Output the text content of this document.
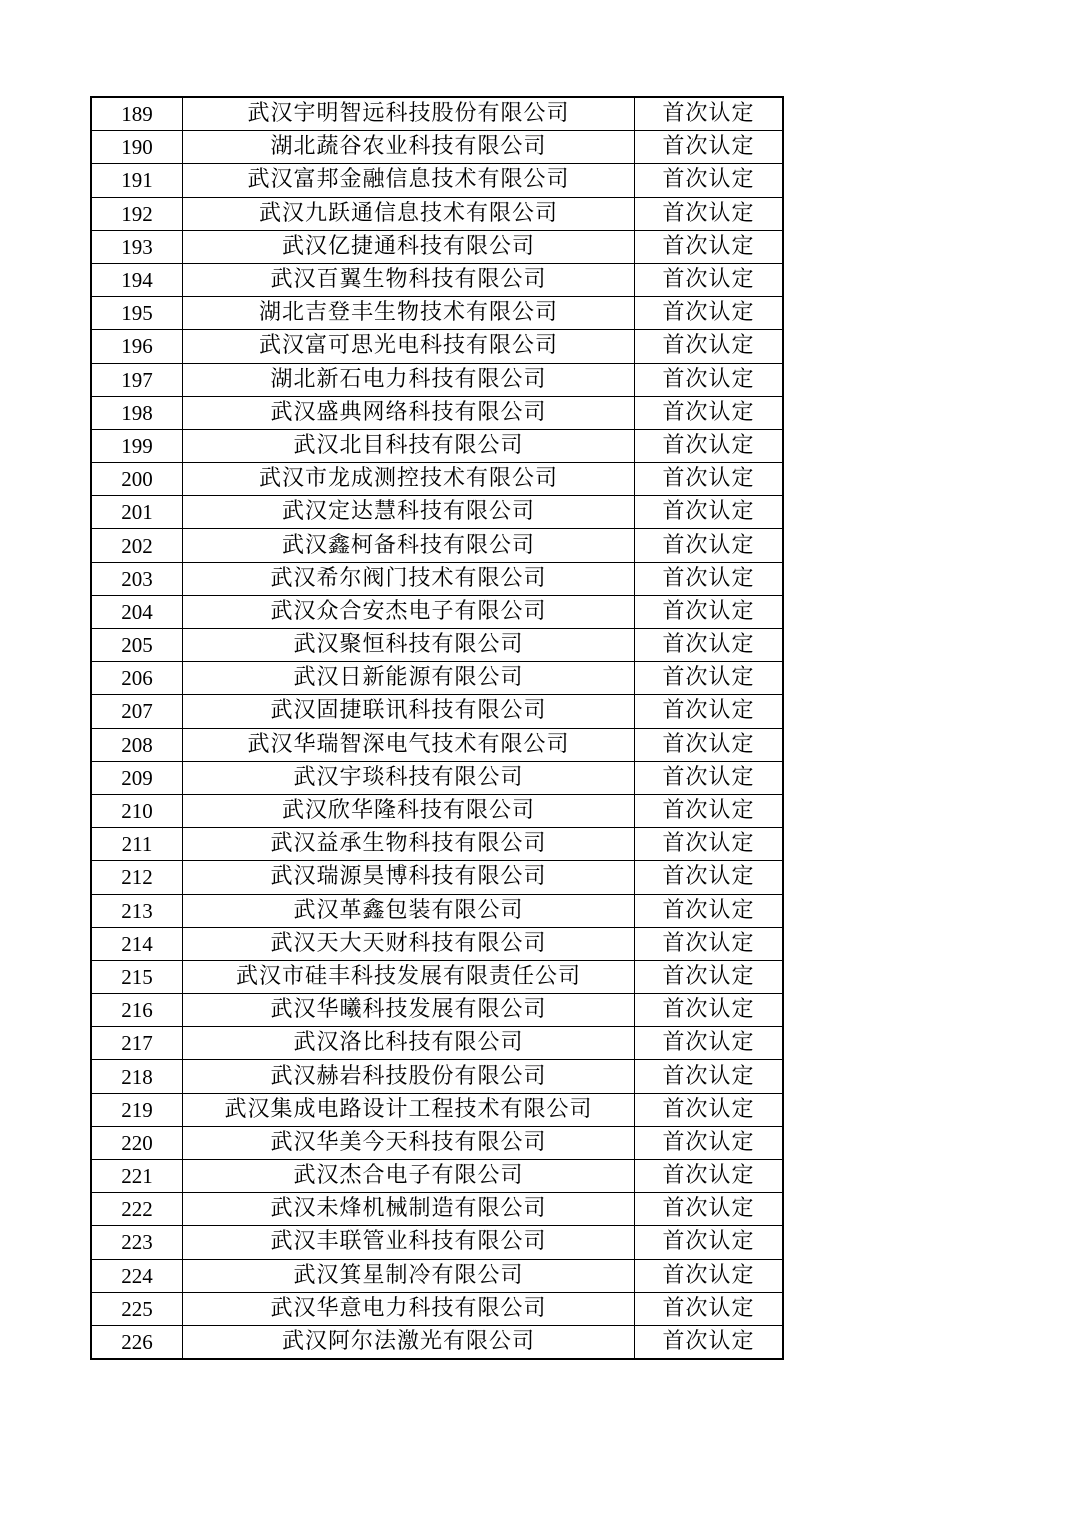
189	武汉宇明智远科技股份有限公司	首次认定
190	湖北蔬谷农业科技有限公司	首次认定
191	武汉富邦金融信息技术有限公司	首次认定
192	武汉九跃通信息技术有限公司	首次认定
193	武汉亿捷通科技有限公司	首次认定
194	武汉百翼生物科技有限公司	首次认定
195	湖北吉登丰生物技术有限公司	首次认定
196	武汉富可思光电科技有限公司	首次认定
197	湖北新石电力科技有限公司	首次认定
198	武汉盛典网络科技有限公司	首次认定
199	武汉北目科技有限公司	首次认定
200	武汉市龙成测控技术有限公司	首次认定
201	武汉定达慧科技有限公司	首次认定
202	武汉鑫柯备科技有限公司	首次认定
203	武汉希尔阀门技术有限公司	首次认定
204	武汉众合安杰电子有限公司	首次认定
205	武汉聚恒科技有限公司	首次认定
206	武汉日新能源有限公司	首次认定
207	武汉固捷联讯科技有限公司	首次认定
208	武汉华瑞智深电气技术有限公司	首次认定
209	武汉宇琰科技有限公司	首次认定
210	武汉欣华隆科技有限公司	首次认定
211	武汉益承生物科技有限公司	首次认定
212	武汉瑞源昊博科技有限公司	首次认定
213	武汉革鑫包装有限公司	首次认定
214	武汉天大天财科技有限公司	首次认定
215	武汉市硅丰科技发展有限责任公司	首次认定
216	武汉华曦科技发展有限公司	首次认定
217	武汉洛比科技有限公司	首次认定
218	武汉赫岩科技股份有限公司	首次认定
219	武汉集成电路设计工程技术有限公司	首次认定
220	武汉华美今天科技有限公司	首次认定
221	武汉杰合电子有限公司	首次认定
222	武汉未烽机械制造有限公司	首次认定
223	武汉丰联管业科技有限公司	首次认定
224	武汉箕星制冷有限公司	首次认定
225	武汉华意电力科技有限公司	首次认定
226	武汉阿尔法激光有限公司	首次认定
